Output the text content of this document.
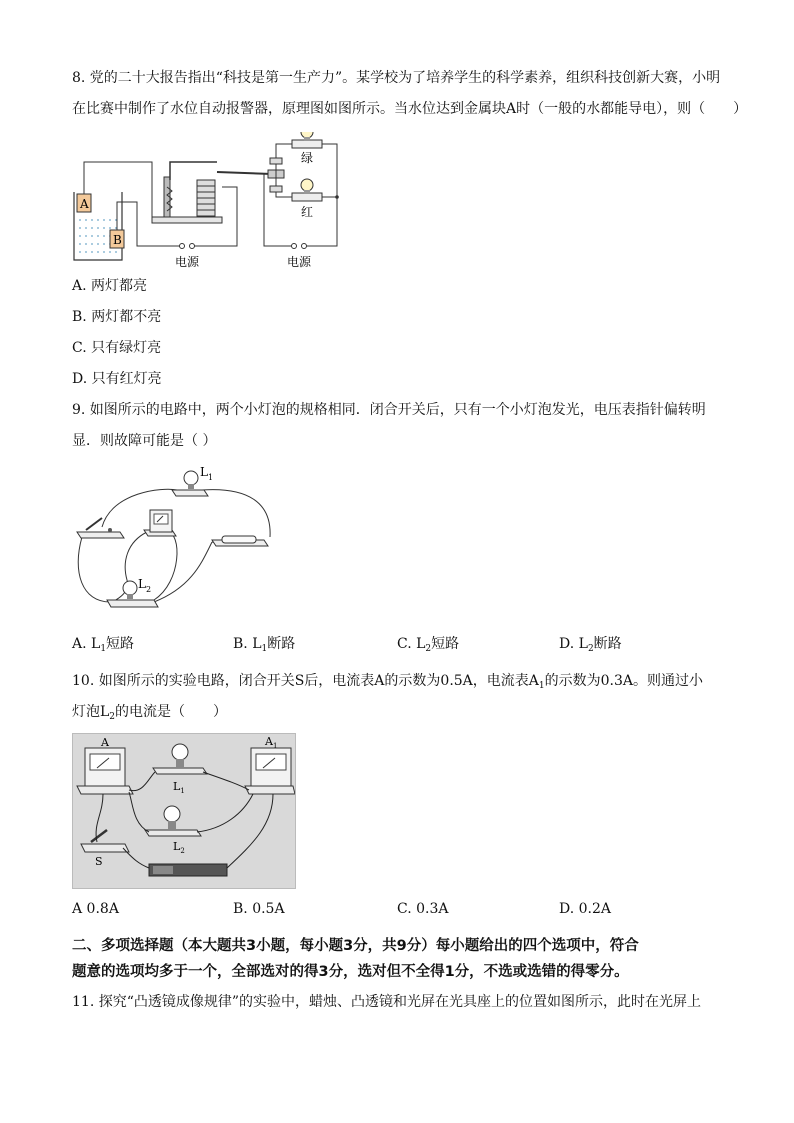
8. 党的二十大报告指出“科技是第一生产力”。某学校为了培养学生的科学素养，组织科技创新大赛，小明
在比赛中制作了水位自动报警器，原理图如图所示。当水位达到金属块A时（一般的水都能导电），则（　　）
A
B
电源	电源
绿
红
A. 两灯都亮
B. 两灯都不亮
C. 只有绿灯亮
D. 只有红灯亮
9. 如图所示的电路中，两个小灯泡的规格相同．闭合开关后，只有一个小灯泡发光，电压表指针偏转明
显．则故障可能是（ ）
$L_1$
$L_2$
A. $L_1$短路	B. $L_1$断路	C. $L_2$短路	D. $L_2$断路
10. 如图所示的实验电路，闭合开关S后，电流表A的示数为0.5A，电流表$A_1$的示数为0.3A。则通过小
灯泡$L_2$的电流是（　　）
A	$A_1$
$L_1$
$L_2$
S
A 0.8A	B. 0.5A	C. 0.3A	D. 0.2A
二、多项选择题（本大题共3小题，每小题3分，共9分）每小题给出的四个选项中，符合
题意的选项均多于一个，全部选对的得3分，选对但不全得1分，不选或选错的得零分。
11. 探究“凸透镜成像规律”的实验中，蜡烛、凸透镜和光屏在光具座上的位置如图所示，此时在光屏上
